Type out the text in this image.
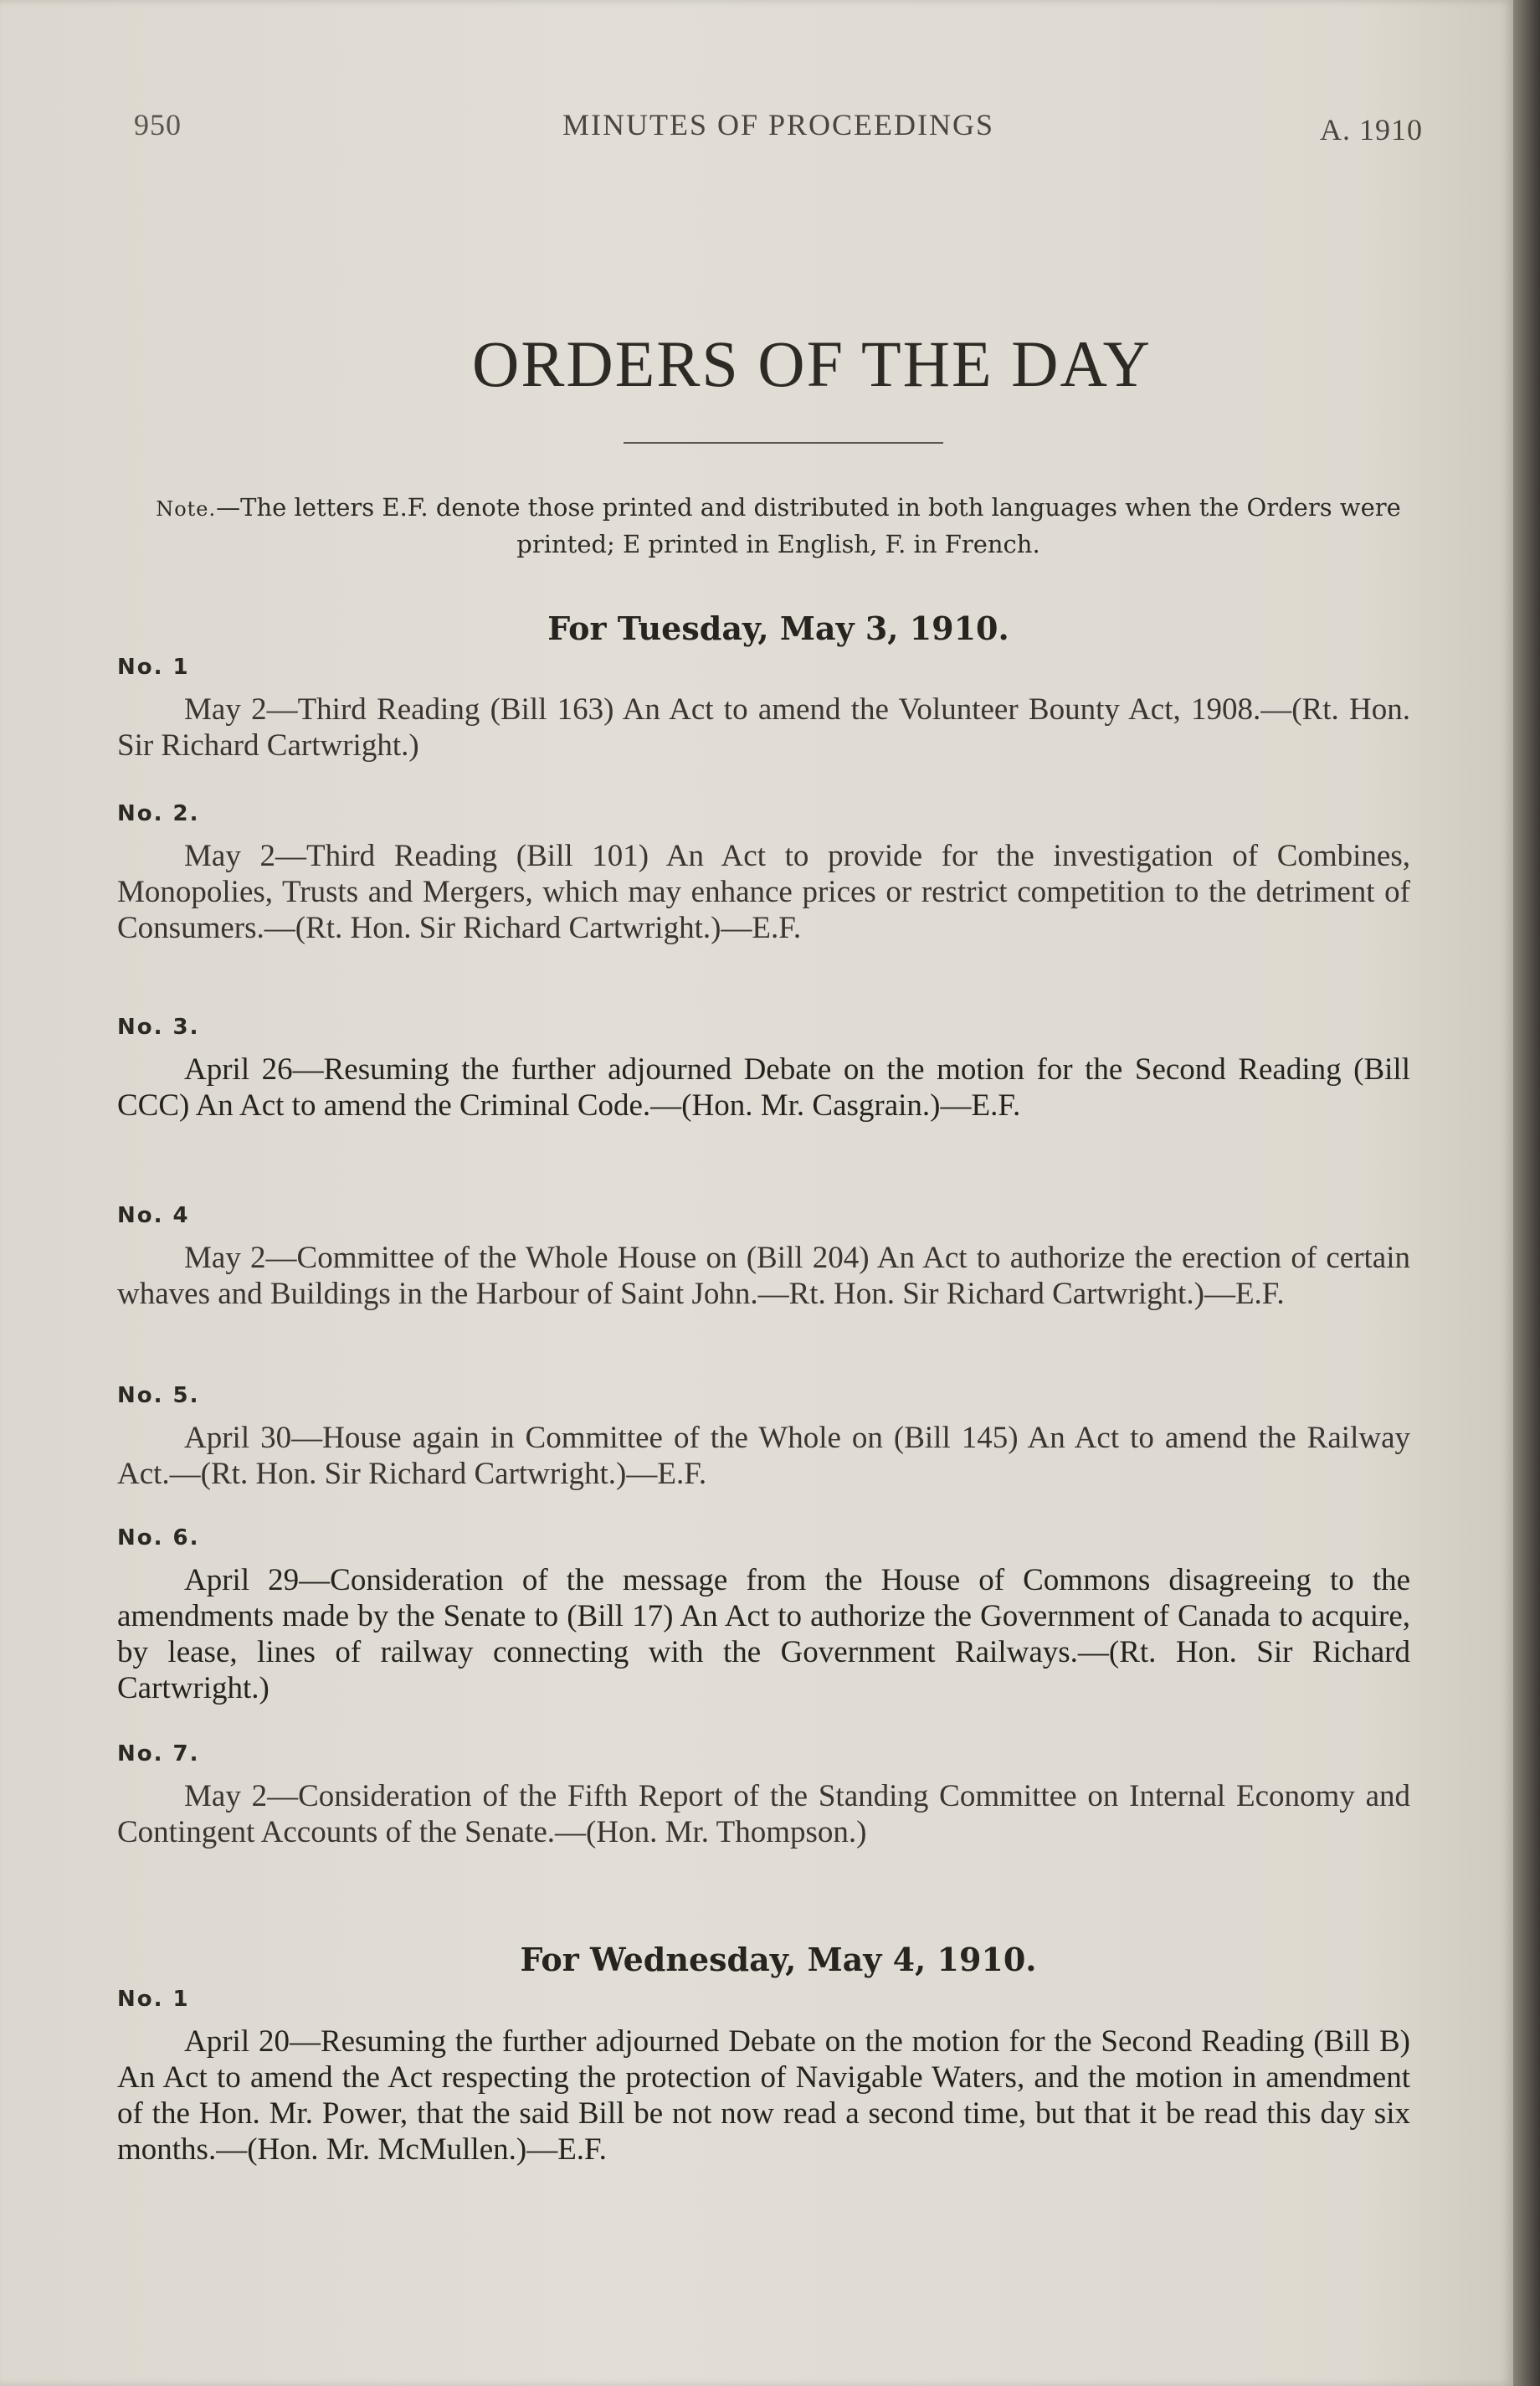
950	MINUTES OF PROCEEDINGS	A. 1910
ORDERS OF THE DAY
Note.—The letters E.F. denote those printed and distributed in both languages when the Orders were printed; E printed in English, F. in French.
For Tuesday, May 3, 1910.
No. 1
May 2—Third Reading (Bill 163) An Act to amend the Volunteer Bounty Act, 1908.—(Rt. Hon. Sir Richard Cartwright.)
No. 2.
May 2—Third Reading (Bill 101) An Act to provide for the investigation of Combines, Monopolies, Trusts and Mergers, which may enhance prices or restrict competition to the detriment of Consumers.—(Rt. Hon. Sir Richard Cartwright.)—E.F.
No. 3.
April 26—Resuming the further adjourned Debate on the motion for the Second Reading (Bill CCC) An Act to amend the Criminal Code.—(Hon. Mr. Casgrain.)—E.F.
No. 4
May 2—Committee of the Whole House on (Bill 204) An Act to authorize the erection of certain whaves and Buildings in the Harbour of Saint John.—Rt. Hon. Sir Richard Cartwright.)—E.F.
No. 5.
April 30—House again in Committee of the Whole on (Bill 145) An Act to amend the Railway Act.—(Rt. Hon. Sir Richard Cartwright.)—E.F.
No. 6.
April 29—Consideration of the message from the House of Commons disagreeing to the amendments made by the Senate to (Bill 17) An Act to authorize the Government of Canada to acquire, by lease, lines of railway connecting with the Government Railways.—(Rt. Hon. Sir Richard Cartwright.)
No. 7.
May 2—Consideration of the Fifth Report of the Standing Committee on Internal Economy and Contingent Accounts of the Senate.—(Hon. Mr. Thompson.)
For Wednesday, May 4, 1910.
No. 1
April 20—Resuming the further adjourned Debate on the motion for the Second Reading (Bill B) An Act to amend the Act respecting the protection of Navigable Waters, and the motion in amendment of the Hon. Mr. Power, that the said Bill be not now read a second time, but that it be read this day six months.—(Hon. Mr. McMullen.)—E.F.
